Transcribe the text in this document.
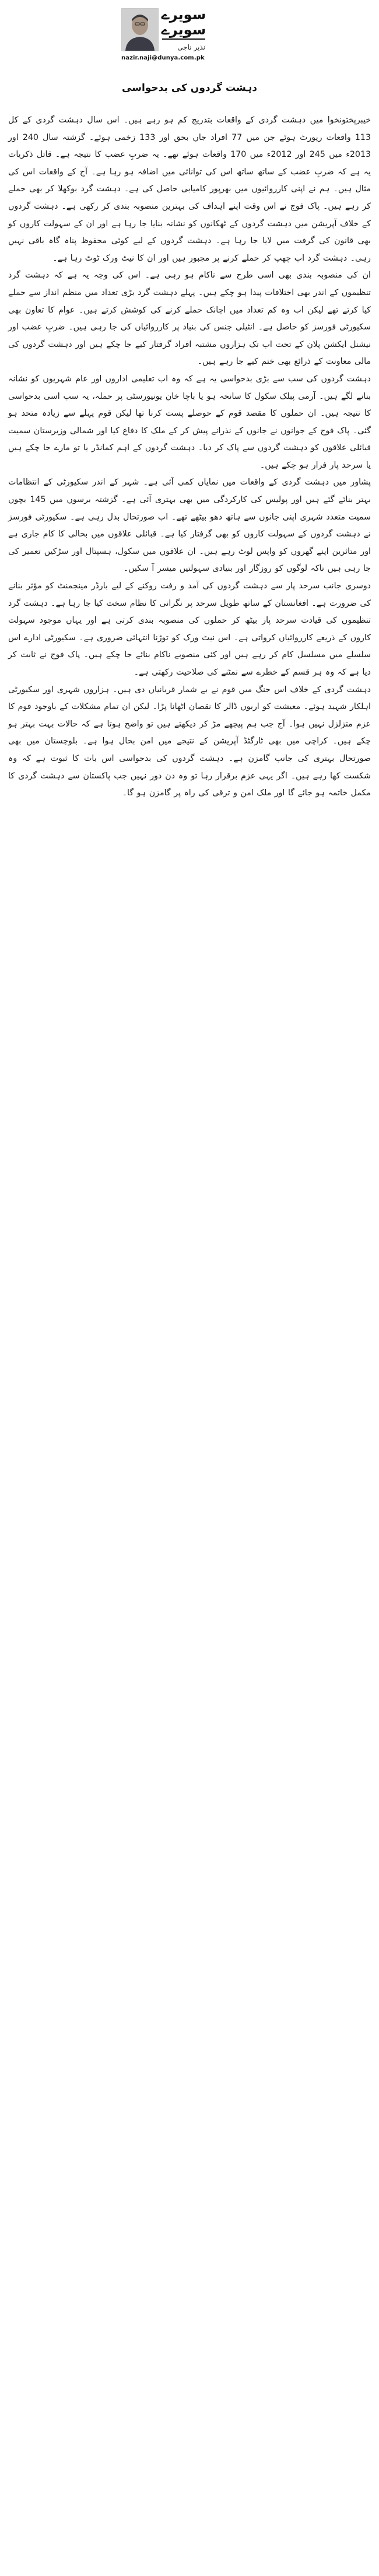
سویرے سویرے
نذیر ناجی
nazir.naji@dunya.com.pk
دہشت گردوں کی بدحواسی

خیبرپختونخوا میں دہشت گردی کے واقعات بتدریج کم ہو رہے ہیں۔ اس سال دہشت گردی کے کل 113 واقعات رپورٹ ہوئے جن میں 77 افراد جاں بحق اور 133 زخمی ہوئے۔ گزشتہ سال 240 اور 2013ء میں 245 اور 2012ء میں 170 واقعات ہوئے تھے۔ یہ ضربِ عضب کا نتیجہ ہے۔ قاتل ذکریات یہ ہے کہ ضربِ عضب کے ساتھ ساتھ اس کی توانائی میں اضافہ ہو رہا ہے۔ آج کے واقعات اس کی مثال ہیں۔ ہم نے اپنی کارروائیوں میں بھرپور کامیابی حاصل کی ہے۔ دہشت گرد بوکھلا کر بھی حملے کر رہے ہیں۔ پاک فوج نے اس وقت اپنے اہداف کی بہترین منصوبہ بندی کر رکھی ہے۔ دہشت گردوں کے خلاف آپریشن میں دہشت گردوں کے ٹھکانوں کو نشانہ بنایا جا رہا ہے اور ان کے سہولت کاروں کو بھی قانون کی گرفت میں لایا جا رہا ہے۔ دہشت گردوں کے لیے کوئی محفوظ پناہ گاہ باقی نہیں رہی۔ دہشت گرد اب چھپ کر حملے کرنے پر مجبور ہیں اور ان کا نیٹ ورک ٹوٹ رہا ہے۔

ان کی منصوبہ بندی بھی اسی طرح سے ناکام ہو رہی ہے۔ اس کی وجہ یہ ہے کہ دہشت گرد تنظیموں کے اندر بھی اختلافات پیدا ہو چکے ہیں۔ پہلے دہشت گرد بڑی تعداد میں منظم انداز سے حملے کیا کرتے تھے لیکن اب وہ کم تعداد میں اچانک حملے کرنے کی کوشش کرتے ہیں۔ عوام کا تعاون بھی سکیورٹی فورسز کو حاصل ہے۔ انٹیلی جنس کی بنیاد پر کارروائیاں کی جا رہی ہیں۔ ضربِ عضب اور نیشنل ایکشن پلان کے تحت اب تک ہزاروں مشتبہ افراد گرفتار کیے جا چکے ہیں اور دہشت گردوں کی مالی معاونت کے ذرائع بھی ختم کیے جا رہے ہیں۔

دہشت گردوں کی سب سے بڑی بدحواسی یہ ہے کہ وہ اب تعلیمی اداروں اور عام شہریوں کو نشانہ بنانے لگے ہیں۔ آرمی پبلک سکول کا سانحہ ہو یا باچا خان یونیورسٹی پر حملہ، یہ سب اسی بدحواسی کا نتیجہ ہیں۔ ان حملوں کا مقصد قوم کے حوصلے پست کرنا تھا لیکن قوم پہلے سے زیادہ متحد ہو گئی۔ پاک فوج کے جوانوں نے جانوں کے نذرانے پیش کر کے ملک کا دفاع کیا اور شمالی وزیرستان سمیت قبائلی علاقوں کو دہشت گردوں سے پاک کر دیا۔ دہشت گردوں کے اہم کمانڈر یا تو مارے جا چکے ہیں یا سرحد پار فرار ہو چکے ہیں۔

پشاور میں دہشت گردی کے واقعات میں نمایاں کمی آئی ہے۔ شہر کے اندر سکیورٹی کے انتظامات بہتر بنائے گئے ہیں اور پولیس کی کارکردگی میں بھی بہتری آئی ہے۔ گزشتہ برسوں میں 145 بچوں سمیت متعدد شہری اپنی جانوں سے ہاتھ دھو بیٹھے تھے۔ اب صورتحال بدل رہی ہے۔ سکیورٹی فورسز نے دہشت گردوں کے سہولت کاروں کو بھی گرفتار کیا ہے۔ قبائلی علاقوں میں بحالی کا کام جاری ہے اور متاثرین اپنے گھروں کو واپس لوٹ رہے ہیں۔ ان علاقوں میں سکول، ہسپتال اور سڑکیں تعمیر کی جا رہی ہیں تاکہ لوگوں کو روزگار اور بنیادی سہولتیں میسر آ سکیں۔

دوسری جانب سرحد پار سے دہشت گردوں کی آمد و رفت روکنے کے لیے بارڈر مینجمنٹ کو مؤثر بنانے کی ضرورت ہے۔ افغانستان کے ساتھ طویل سرحد پر نگرانی کا نظام سخت کیا جا رہا ہے۔ دہشت گرد تنظیموں کی قیادت سرحد پار بیٹھ کر حملوں کی منصوبہ بندی کرتی ہے اور یہاں موجود سہولت کاروں کے ذریعے کارروائیاں کرواتی ہے۔ اس نیٹ ورک کو توڑنا انتہائی ضروری ہے۔ سکیورٹی ادارے اس سلسلے میں مسلسل کام کر رہے ہیں اور کئی منصوبے ناکام بنائے جا چکے ہیں۔ پاک فوج نے ثابت کر دیا ہے کہ وہ ہر قسم کے خطرے سے نمٹنے کی صلاحیت رکھتی ہے۔

دہشت گردی کے خلاف اس جنگ میں قوم نے بے شمار قربانیاں دی ہیں۔ ہزاروں شہری اور سکیورٹی اہلکار شہید ہوئے۔ معیشت کو اربوں ڈالر کا نقصان اٹھانا پڑا۔ لیکن ان تمام مشکلات کے باوجود قوم کا عزم متزلزل نہیں ہوا۔ آج جب ہم پیچھے مڑ کر دیکھتے ہیں تو واضح ہوتا ہے کہ حالات بہت بہتر ہو چکے ہیں۔ کراچی میں بھی ٹارگٹڈ آپریشن کے نتیجے میں امن بحال ہوا ہے۔ بلوچستان میں بھی صورتحال بہتری کی جانب گامزن ہے۔ دہشت گردوں کی بدحواسی اس بات کا ثبوت ہے کہ وہ شکست کھا رہے ہیں۔ اگر یہی عزم برقرار رہا تو وہ دن دور نہیں جب پاکستان سے دہشت گردی کا مکمل خاتمہ ہو جائے گا اور ملک امن و ترقی کی راہ پر گامزن ہو گا۔
